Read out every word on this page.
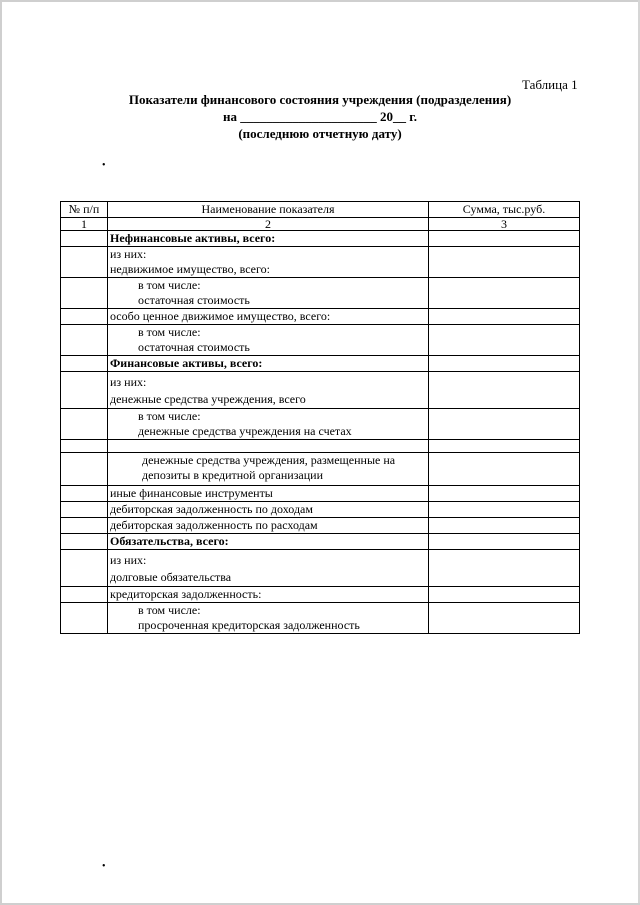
Таблица 1
Показатели финансового состояния учреждения (подразделения)
на _____________________ 20__ г.
(последнюю отчетную дату)
•
•
№ п/п	Наименование показателя	Сумма, тыс.руб.
1	2	3
	Нефинансовые активы, всего:	

	из них:
недвижимое имущество, всего:	

	в том числе:
остаточная стоимость	

	особо ценное движимое имущество, всего:	

	в том числе:
остаточная стоимость	

	Финансовые активы, всего:	

	из них:
денежные средства учреждения, всего	

	в том числе:
денежные средства учреждения на счетах	

	денежные средства учреждения, размещенные на
депозиты в кредитной организации	

	иные финансовые инструменты	
	дебиторская задолженность по доходам	
	дебиторская задолженность по расходам	
	Обязательства, всего:	

	из них:
долговые обязательства	

	кредиторская задолженность:	

	в том числе:
просроченная кредиторская задолженность	
